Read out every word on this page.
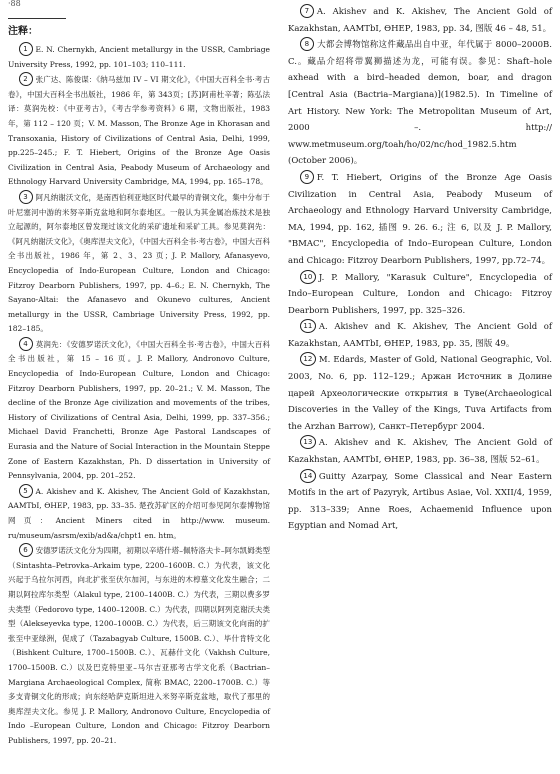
·88
注释：

1 E. N. Chernykh, Ancient metallurgy in the USSR, Cambriage University Press, 1992, pp. 101–103; 110–111.

2 张广达、陈俊谋：《纳马兹加 IV – VI 期文化》，《中国大百科全书·考古卷》，中国大百科全书出版社，1986 年，第 343页；[苏]阿甫杜辛著；陈弘法译：莫润先校：《中亚考古》，《考古学参考资料》6 期，文物出版社，1983 年，第 112 – 120 页；V. M. Masson, The Bronze Age in Khorasan and Transoxania, History of Civilizations of Central Asia, Delhi, 1999, pp.225–245.; F. T. Hiebert, Origins of the Bronze Age Oasis Civilization in Central Asia, Peabody Museum of Archaeology and Ethnology Harvard University Cambridge, MA, 1994, pp. 165–178。

3 阿凡纳谢沃文化，是南西伯利亚地区时代最早的青铜文化，集中分布于叶尼塞河中游的米努辛斯克盆地和阿尔泰地区。一般认为其金属冶炼技术是独立起源的，阿尔泰地区曾发现过该文化的采矿遗址和采矿工具。参见莫润先：《阿凡纳谢沃文化》，《奥库涅夫文化》，《中国大百科全书·考古卷》，中国大百科全书出版社，1986 年，第 2、3、23 页；J. P. Mallory, Afanasyevo, Encyclopedia of Indo-European Culture, London and Chicago: Fitzroy Dearborn Publishers, 1997, pp. 4–6.; E. N. Chernykh, The Sayano-Altai: the Afanasevo and Okunevo cultures, Ancient metallurgy in the USSR, Cambriage University Press, 1992, pp. 182–185。

4 莫润先：《安德罗诺沃文化》，《中国大百科全书·考古卷》，中国大百科全书出版社，第 15 – 16 页。J. P. Mallory, Andronovo Culture, Encyclopedia of Indo-European Culture, London and Chicago: Fitzroy Dearborn Publishers, 1997, pp. 20–21.; V. M. Masson, The decline of the Bronze Age civilization and movements of the tribes, History of Civilizations of Central Asia, Delhi, 1999, pp. 337–356.; Michael David Franchetti, Bronze Age Pastoral Landscapes of Eurasia and the Nature of Social Interaction in the Mountain Steppe Zone of Eastern Kazakhstan, Ph. D dissertation in University of Pennsylvania, 2004, pp. 201–252.

5 A. Akishev and K. Akishev, The Ancient Gold of Kazakhstan, AAMTbI, ӨНЕР, 1983, pp. 33–35. 楚孜苏矿区的介绍可参见阿尔泰博物馆网页：Ancient Miners cited in http://www. museum. ru/museum/asrsm/exib/ad&a/chpt1 en. htm。

6 安德罗诺沃文化分为四期，初期以辛塔什塔–佩特洛夫卡–阿尔凯姆类型（Sintashta–Petrovka–Arkaim type, 2200–1600B. C.）为代表，该文化兴起于乌拉尔河西，向北扩张至伏尔加河，与东进的木椁墓文化发生融合；二期以阿拉库尔类型（Alakul type, 2100–1400B. C.）为代表，三期以费多罗夫类型（Fedorovo type, 1400–1200B. C.）为代表，四期以阿列克谢沃夫类型（Alekseyevka type, 1200–1000B. C.）为代表，后三期该文化向南的扩张至中亚绿洲，促成了（Tazabagyab Culture, 1500B. C.）、毕什肯特文化（Bishkent Culture, 1700–1500B. C.）、瓦赫什文化（Vakhsh Culture, 1700–1500B. C.）以及巴克特里亚–马尔吉亚那考古学文化系（Bactrian–Margiana Archaeological Complex, 简称 BMAC, 2200–1700B. C.）等多支青铜文化的形成；向东经哈萨克斯坦进入米努辛斯克盆地，取代了那里的奥库涅夫文化。参见 J. P. Mallory, Andronovo Culture, Encyclopedia of Indo –European Culture, London and Chicago: Fitzroy Dearborn Publishers, 1997, pp. 20–21.

7 A. Akishev and K. Akishev, The Ancient Gold of Kazakhstan, AAMTbI, ӨНЕР, 1983, pp. 34, 图版 46 – 48, 51。

8 大都会博物馆称这件藏品出自中亚，年代属于 8000–2000B. C.。藏品介绍将带翼狮描述为龙，可能有误。参见：Shaft–hole axhead with a bird–headed demon, boar, and dragon [Central Asia (Bactria–Margiana)](1982.5). In Timeline of Art History. New York: The Metropolitan Museum of Art, 2000 –. http:// www.metmuseum.org/toah/ho/02/nc/hod_1982.5.htm (October 2006)。

9 F. T. Hiebert, Origins of the Bronze Age Oasis Civilization in Central Asia, Peabody Museum of Archaeology and Ethnology Harvard University Cambridge, MA, 1994, pp. 162, 插图 9. 26. 6.; 注 6, 以及 J. P. Mallory, "BMAC", Encyclopedia of Indo–European Culture, London and Chicago: Fitzroy Dearborn Publishers, 1997, pp.72–74。

10 J. P. Mallory, "Karasuk Culture", Encyclopedia of Indo–European Culture, London and Chicago: Fitzroy Dearborn Publishers, 1997, pp. 325–326.

11 A. Akishev and K. Akishev, The Ancient Gold of Kazakhstan, AAMTbI, ӨНЕР, 1983, pp. 35, 图版 49。

12 M. Edards, Master of Gold, National Geographic, Vol. 2003, No. 6, pp. 112–129.; Аржан Источник в Долине царей Археологические открытия в Туве(Archaeological Discoveries in the Valley of the Kings, Tuva Artifacts from the Arzhan Barrow), Санкт–Петербург 2004.

13 A. Akishev and K. Akishev, The Ancient Gold of Kazakhstan, AAMTbI, ӨНЕР, 1983, pp. 36–38, 图版 52–61。

14 Guitty Azarpay, Some Classical and Near Eastern Motifs in the art of Pazyryk, Artibus Asiae, Vol. XXII/4, 1959, pp. 313–339; Anne Roes, Achaemenid Influence upon Egyptian and Nomad Art,
